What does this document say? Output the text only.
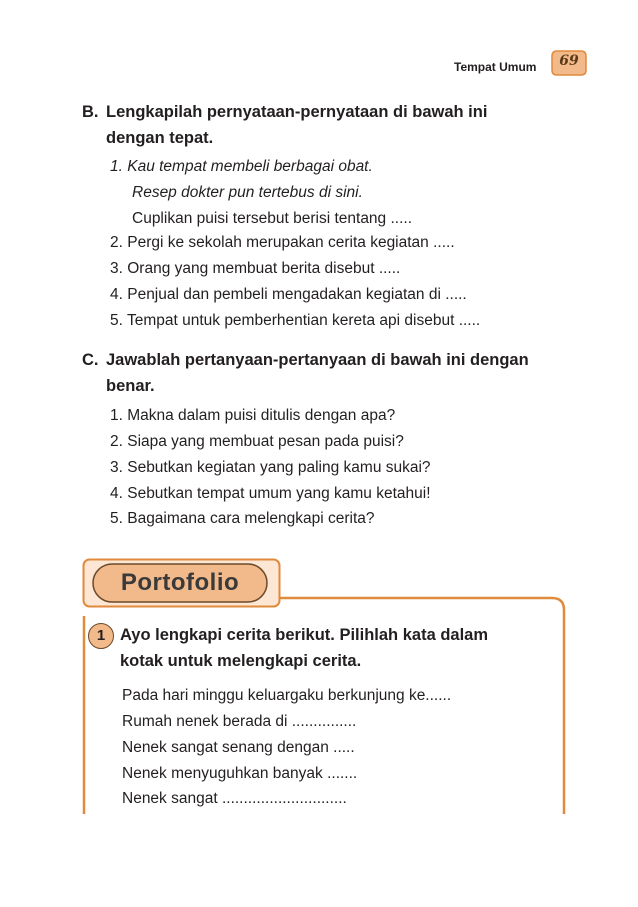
Tempat Umum	69
B. Lengkapilah pernyataan-pernyataan di bawah ini
dengan tepat.
1. Kau tempat membeli berbagai obat.
Resep dokter pun tertebus di sini.
Cuplikan puisi tersebut berisi tentang .....
2. Pergi ke sekolah merupakan cerita kegiatan .....
3. Orang yang membuat berita disebut .....
4. Penjual dan pembeli mengadakan kegiatan di .....
5. Tempat untuk pemberhentian kereta api disebut .....
C. Jawablah pertanyaan-pertanyaan di bawah ini dengan
benar.
1. Makna dalam puisi ditulis dengan apa?
2. Siapa yang membuat pesan pada puisi?
3. Sebutkan kegiatan yang paling kamu sukai?
4. Sebutkan tempat umum yang kamu ketahui!
5. Bagaimana cara melengkapi cerita?
Portofolio
1 Ayo lengkapi cerita berikut. Pilihlah kata dalam
kotak untuk melengkapi cerita.
Pada hari minggu keluargaku berkunjung ke......
Rumah nenek berada di ...............
Nenek sangat senang dengan .....
Nenek menyuguhkan banyak .......
Nenek sangat .............................
